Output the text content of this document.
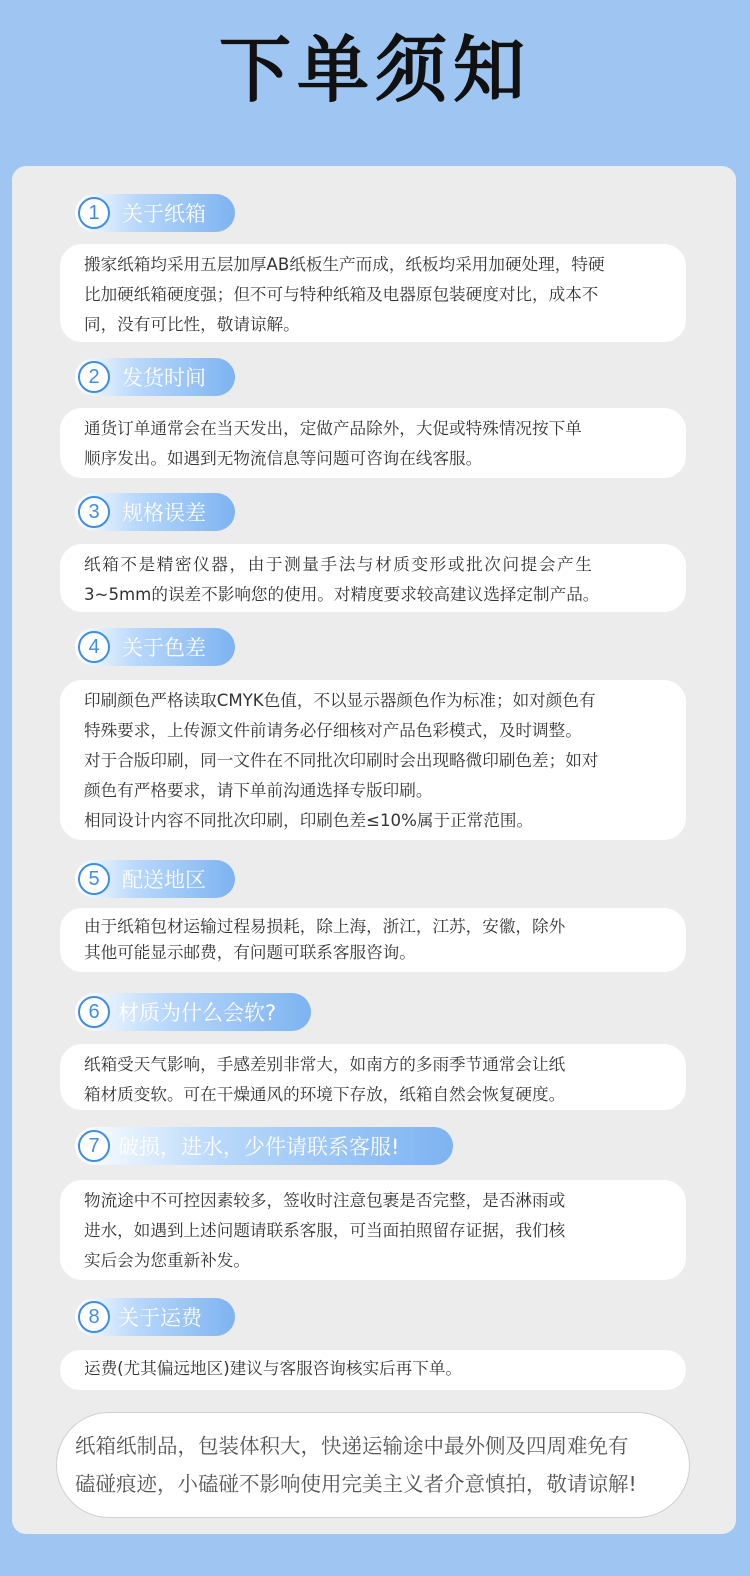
下单须知
1	关于纸箱

搬家纸箱均采用五层加厚AB纸板生产而成，纸板均采用加硬处理，特硬

比加硬纸箱硬度强；但不可与特种纸箱及电器原包装硬度对比，成本不

同，没有可比性，敬请谅解。

2	发货时间

通货订单通常会在当天发出，定做产品除外，大促或特殊情况按下单

顺序发出。如遇到无物流信息等问题可咨询在线客服。

3	规格误差

纸箱不是精密仪器，由于测量手法与材质变形或批次问提会产生

3~5mm的误差不影响您的使用。对精度要求较高建议选择定制产品。

4	关于色差

印刷颜色严格读取CMYK色值，不以显示器颜色作为标准；如对颜色有

特殊要求，上传源文件前请务必仔细核对产品色彩模式，及时调整。

对于合版印刷，同一文件在不同批次印刷时会出现略微印刷色差；如对

颜色有严格要求，请下单前沟通选择专版印刷。

相同设计内容不同批次印刷，印刷色差≤10%属于正常范围。

5	配送地区

由于纸箱包材运输过程易损耗，除上海，浙江，江苏，安徽，除外

其他可能显示邮费，有问题可联系客服咨询。

6 材质为什么会软?

纸箱受天气影响，手感差别非常大，如南方的多雨季节通常会让纸

箱材质变软。可在干燥通风的环境下存放，纸箱自然会恢复硬度。

7 破损，进水，少件请联系客服!

物流途中不可控因素较多，签收时注意包裹是否完整，是否淋雨或

进水，如遇到上述问题请联系客服，可当面拍照留存证据，我们核

实后会为您重新补发。

8 关于运费

运费(尤其偏远地区)建议与客服咨询核实后再下单。

纸箱纸制品，包装体积大，快递运输途中最外侧及四周难免有

磕碰痕迹，小磕碰不影响使用完美主义者介意慎拍，敬请谅解!
